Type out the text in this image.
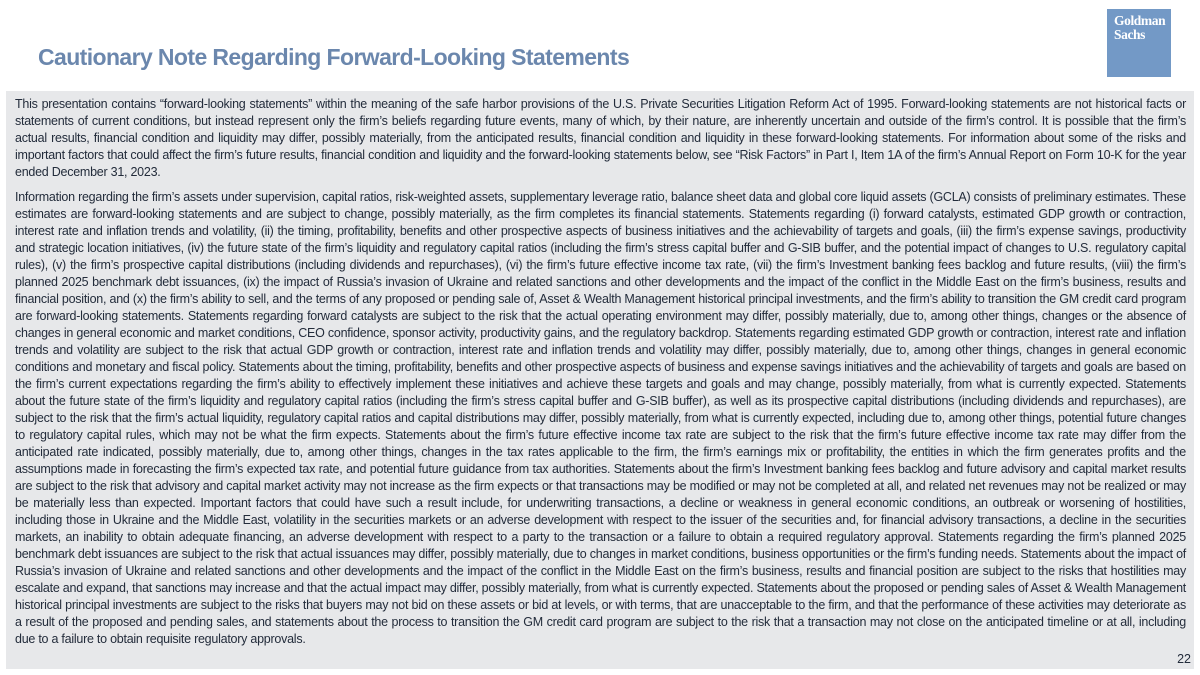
Cautionary Note Regarding Forward-Looking Statements
Goldman
Sachs

This presentation contains “forward-looking statements” within the meaning of the safe harbor provisions of the U.S. Private Securities Litigation Reform Act of 1995. Forward-looking statements are not historical facts or statements of current conditions, but instead represent only the firm’s beliefs regarding future events, many of which, by their nature, are inherently uncertain and outside of the firm’s control. It is possible that the firm’s actual results, financial condition and liquidity may differ, possibly materially, from the anticipated results, financial condition and liquidity in these forward-looking statements. For information about some of the risks and important factors that could affect the firm’s future results, financial condition and liquidity and the forward-looking statements below, see “Risk Factors” in Part I, Item 1A of the firm’s Annual Report on Form 10-K for the year ended December 31, 2023.

Information regarding the firm’s assets under supervision, capital ratios, risk-weighted assets, supplementary leverage ratio, balance sheet data and global core liquid assets (GCLA) consists of preliminary estimates. These estimates are forward-looking statements and are subject to change, possibly materially, as the firm completes its financial statements. Statements regarding (i) forward catalysts, estimated GDP growth or contraction, interest rate and inflation trends and volatility, (ii) the timing, profitability, benefits and other prospective aspects of business initiatives and the achievability of targets and goals, (iii) the firm’s expense savings, productivity and strategic location initiatives, (iv) the future state of the firm’s liquidity and regulatory capital ratios (including the firm’s stress capital buffer and G-SIB buffer, and the potential impact of changes to U.S. regulatory capital rules), (v) the firm’s prospective capital distributions (including dividends and repurchases), (vi) the firm’s future effective income tax rate, (vii) the firm’s Investment banking fees backlog and future results, (viii) the firm’s planned 2025 benchmark debt issuances, (ix) the impact of Russia’s invasion of Ukraine and related sanctions and other developments and the impact of the conflict in the Middle East on the firm’s business, results and financial position, and (x) the firm’s ability to sell, and the terms of any proposed or pending sale of, Asset & Wealth Management historical principal investments, and the firm’s ability to transition the GM credit card program are forward-looking statements. Statements regarding forward catalysts are subject to the risk that the actual operating environment may differ, possibly materially, due to, among other things, changes or the absence of changes in general economic and market conditions, CEO confidence, sponsor activity, productivity gains, and the regulatory backdrop. Statements regarding estimated GDP growth or contraction, interest rate and inflation trends and volatility are subject to the risk that actual GDP growth or contraction, interest rate and inflation trends and volatility may differ, possibly materially, due to, among other things, changes in general economic conditions and monetary and fiscal policy. Statements about the timing, profitability, benefits and other prospective aspects of business and expense savings initiatives and the achievability of targets and goals are based on the firm’s current expectations regarding the firm’s ability to effectively implement these initiatives and achieve these targets and goals and may change, possibly materially, from what is currently expected. Statements about the future state of the firm’s liquidity and regulatory capital ratios (including the firm’s stress capital buffer and G-SIB buffer), as well as its prospective capital distributions (including dividends and repurchases), are subject to the risk that the firm’s actual liquidity, regulatory capital ratios and capital distributions may differ, possibly materially, from what is currently expected, including due to, among other things, potential future changes to regulatory capital rules, which may not be what the firm expects. Statements about the firm’s future effective income tax rate are subject to the risk that the firm’s future effective income tax rate may differ from the anticipated rate indicated, possibly materially, due to, among other things, changes in the tax rates applicable to the firm, the firm’s earnings mix or profitability, the entities in which the firm generates profits and the assumptions made in forecasting the firm’s expected tax rate, and potential future guidance from tax authorities. Statements about the firm’s Investment banking fees backlog and future advisory and capital market results are subject to the risk that advisory and capital market activity may not increase as the firm expects or that transactions may be modified or may not be completed at all, and related net revenues may not be realized or may be materially less than expected. Important factors that could have such a result include, for underwriting transactions, a decline or weakness in general economic conditions, an outbreak or worsening of hostilities, including those in Ukraine and the Middle East, volatility in the securities markets or an adverse development with respect to the issuer of the securities and, for financial advisory transactions, a decline in the securities markets, an inability to obtain adequate financing, an adverse development with respect to a party to the transaction or a failure to obtain a required regulatory approval. Statements regarding the firm’s planned 2025 benchmark debt issuances are subject to the risk that actual issuances may differ, possibly materially, due to changes in market conditions, business opportunities or the firm’s funding needs. Statements about the impact of Russia’s invasion of Ukraine and related sanctions and other developments and the impact of the conflict in the Middle East on the firm’s business, results and financial position are subject to the risks that hostilities may escalate and expand, that sanctions may increase and that the actual impact may differ, possibly materially, from what is currently expected. Statements about the proposed or pending sales of Asset & Wealth Management historical principal investments are subject to the risks that buyers may not bid on these assets or bid at levels, or with terms, that are unacceptable to the firm, and that the performance of these activities may deteriorate as a result of the proposed and pending sales, and statements about the process to transition the GM credit card program are subject to the risk that a transaction may not close on the anticipated timeline or at all, including due to a failure to obtain requisite regulatory approvals.

22
